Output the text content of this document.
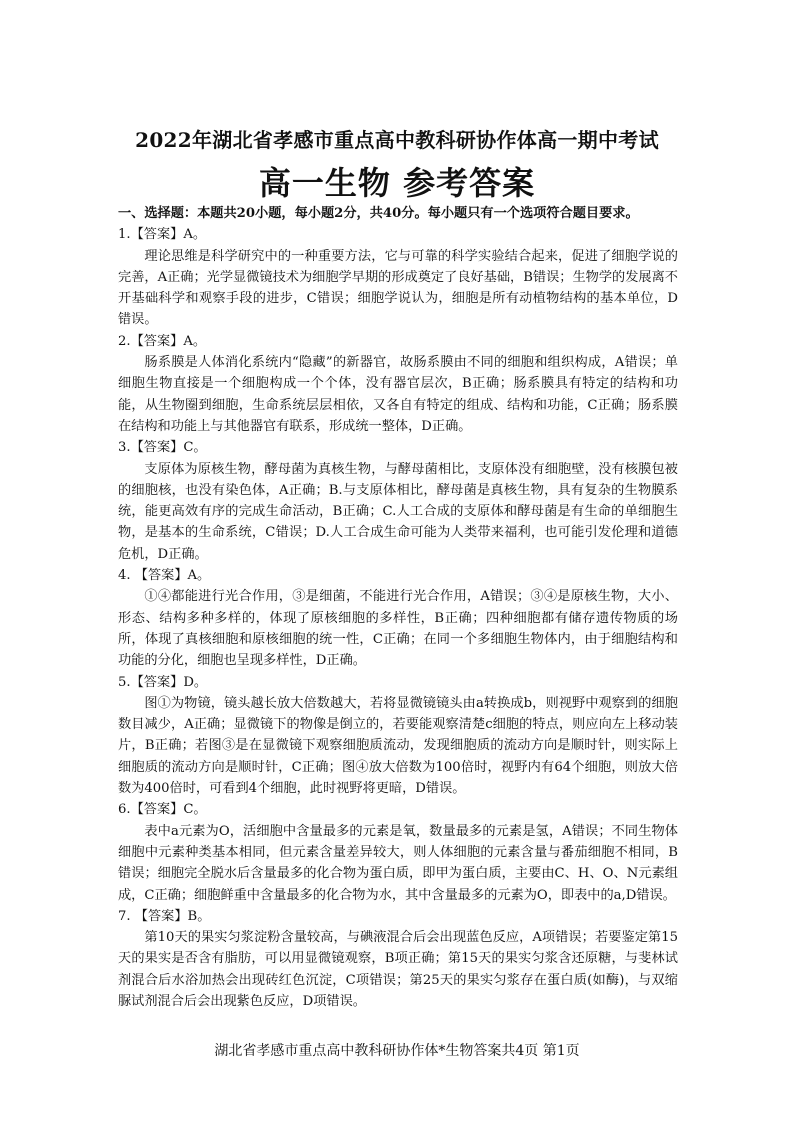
2022年湖北省孝感市重点高中教科研协作体高一期中考试
高一生物 参考答案
一、选择题：本题共20小题，每小题2分，共40分。每小题只有一个选项符合题目要求。
1.【答案】A。
理论思维是科学研究中的一种重要方法，它与可靠的科学实验结合起来，促进了细胞学说的完善，A正确；光学显微镜技术为细胞学早期的形成奠定了良好基础，B错误；生物学的发展离不开基础科学和观察手段的进步，C错误；细胞学说认为，细胞是所有动植物结构的基本单位，D错误。
2.【答案】A。
肠系膜是人体消化系统内“隐藏”的新器官，故肠系膜由不同的细胞和组织构成，A错误；单细胞生物直接是一个细胞构成一个个体，没有器官层次，B正确；肠系膜具有特定的结构和功能，从生物圈到细胞，生命系统层层相依，又各自有特定的组成、结构和功能，C正确；肠系膜在结构和功能上与其他器官有联系，形成统一整体，D正确。
3.【答案】C。
支原体为原核生物，酵母菌为真核生物，与酵母菌相比，支原体没有细胞壁，没有核膜包被的细胞核，也没有染色体，A正确；B.与支原体相比，酵母菌是真核生物，具有复杂的生物膜系统，能更高效有序的完成生命活动，B正确；C.人工合成的支原体和酵母菌是有生命的单细胞生物，是基本的生命系统，C错误；D.人工合成生命可能为人类带来福利，也可能引发伦理和道德危机，D正确。
4. 【答案】A。
①④都能进行光合作用，③是细菌，不能进行光合作用，A错误；③④是原核生物，大小、形态、结构多种多样的，体现了原核细胞的多样性，B正确；四种细胞都有储存遗传物质的场所，体现了真核细胞和原核细胞的统一性，C正确；在同一个多细胞生物体内，由于细胞结构和功能的分化，细胞也呈现多样性，D正确。
5.【答案】D。
图①为物镜，镜头越长放大倍数越大，若将显微镜镜头由a转换成b，则视野中观察到的细胞数目减少，A正确；显微镜下的物像是倒立的，若要能观察清楚c细胞的特点，则应向左上移动装片，B正确；若图③是在显微镜下观察细胞质流动，发现细胞质的流动方向是顺时针，则实际上细胞质的流动方向是顺时针，C正确；图④放大倍数为100倍时，视野内有64个细胞，则放大倍数为400倍时，可看到4个细胞，此时视野将更暗，D错误。
6.【答案】C。
表中a元素为O，活细胞中含量最多的元素是氧，数量最多的元素是氢，A错误；不同生物体细胞中元素种类基本相同，但元素含量差异较大，则人体细胞的元素含量与番茄细胞不相同，B错误；细胞完全脱水后含量最多的化合物为蛋白质，即甲为蛋白质，主要由C、H、O、N元素组成，C正确；细胞鲜重中含量最多的化合物为水，其中含量最多的元素为O，即表中的a,D错误。
7. 【答案】B。
第10天的果实匀浆淀粉含量较高，与碘液混合后会出现蓝色反应，A项错误；若要鉴定第15天的果实是否含有脂肪，可以用显微镜观察，B项正确；第15天的果实匀浆含还原糖，与斐林试剂混合后水浴加热会出现砖红色沉淀，C项错误；第25天的果实匀浆存在蛋白质(如酶)，与双缩脲试剂混合后会出现紫色反应，D项错误。
湖北省孝感市重点高中教科研协作体*生物答案共4页 第1页
